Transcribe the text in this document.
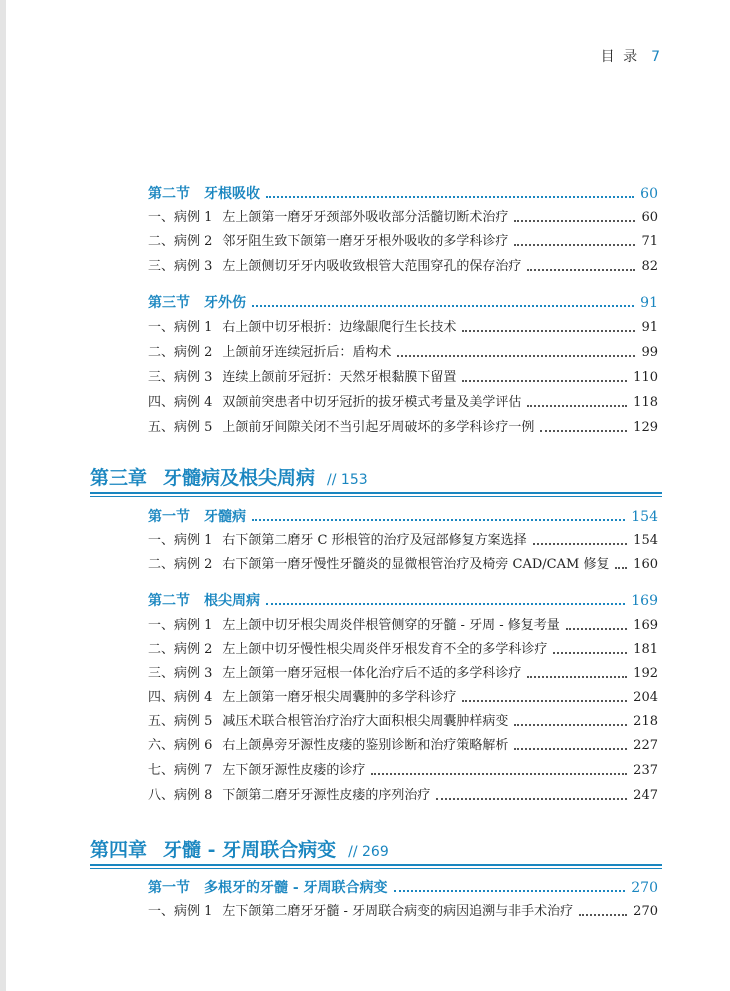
目 录 7
第二节　牙根吸收	60
一、病例 1 左上颌第一磨牙牙颈部外吸收部分活髓切断术治疗	60
二、病例 2 邻牙阻生致下颌第一磨牙牙根外吸收的多学科诊疗	71
三、病例 3 左上颌侧切牙牙内吸收致根管大范围穿孔的保存治疗	82
第三节　牙外伤	91
一、病例 1 右上颌中切牙根折：边缘龈爬行生长技术	91
二、病例 2 上颌前牙连续冠折后：盾构术	99
三、病例 3 连续上颌前牙冠折：天然牙根黏膜下留置	110
四、病例 4 双颌前突患者中切牙冠折的拔牙模式考量及美学评估	118
五、病例 5 上颌前牙间隙关闭不当引起牙周破坏的多学科诊疗一例	129
第三章 牙髓病及根尖周病 // 153
第一节　牙髓病	154
一、病例 1 右下颌第二磨牙 C 形根管的治疗及冠部修复方案选择	154
二、病例 2 右下颌第一磨牙慢性牙髓炎的显微根管治疗及椅旁 CAD/CAM 修复 160
第二节　根尖周病	169
一、病例 1 左上颌中切牙根尖周炎伴根管侧穿的牙髓 - 牙周 - 修复考量	169
二、病例 2 左上颌中切牙慢性根尖周炎伴牙根发育不全的多学科诊疗	181
三、病例 3 左上颌第一磨牙冠根一体化治疗后不适的多学科诊疗	192
四、病例 4 左上颌第一磨牙根尖周囊肿的多学科诊疗	204
五、病例 5 减压术联合根管治疗治疗大面积根尖周囊肿样病变	218
六、病例 6 右上颌鼻旁牙源性皮瘘的鉴别诊断和治疗策略解析	227
七、病例 7 左下颌牙源性皮瘘的诊疗	237
八、病例 8 下颌第二磨牙牙源性皮瘘的序列治疗	247
第四章 牙髓 - 牙周联合病变 // 269
第一节　多根牙的牙髓 - 牙周联合病变	270
一、病例 1 左下颌第二磨牙牙髓 - 牙周联合病变的病因追溯与非手术治疗	270
